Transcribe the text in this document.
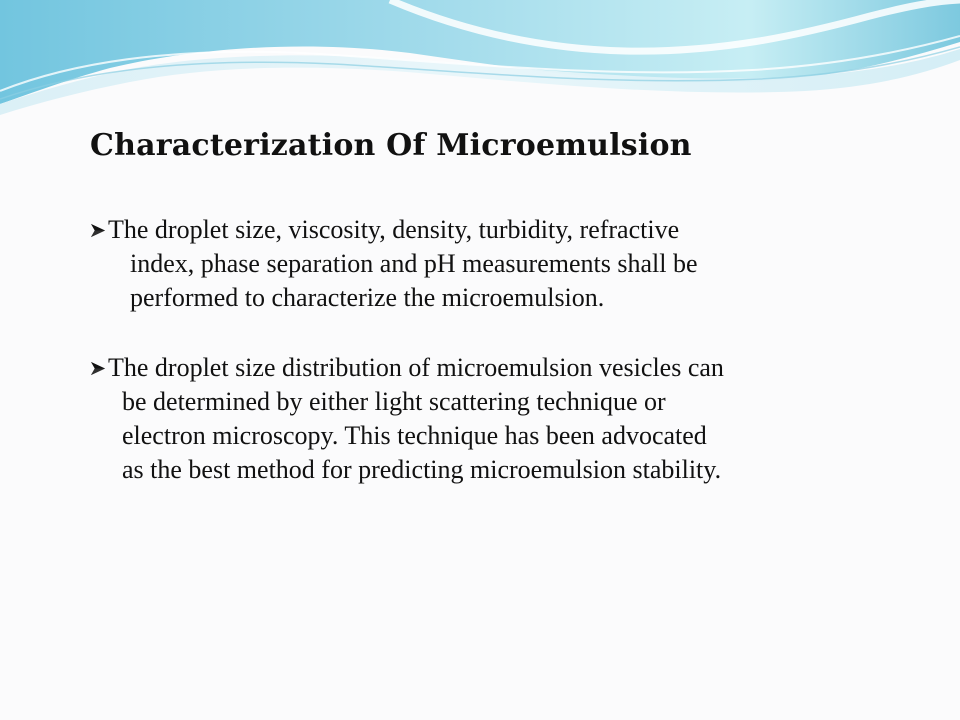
Characterization Of Microemulsion
The droplet size, viscosity, density, turbidity, refractive
index, phase separation and pH measurements shall be
performed to characterize the microemulsion.
The droplet size distribution of microemulsion vesicles can
be determined by either light scattering technique or
electron microscopy. This technique has been advocated
as the best method for predicting microemulsion stability.
